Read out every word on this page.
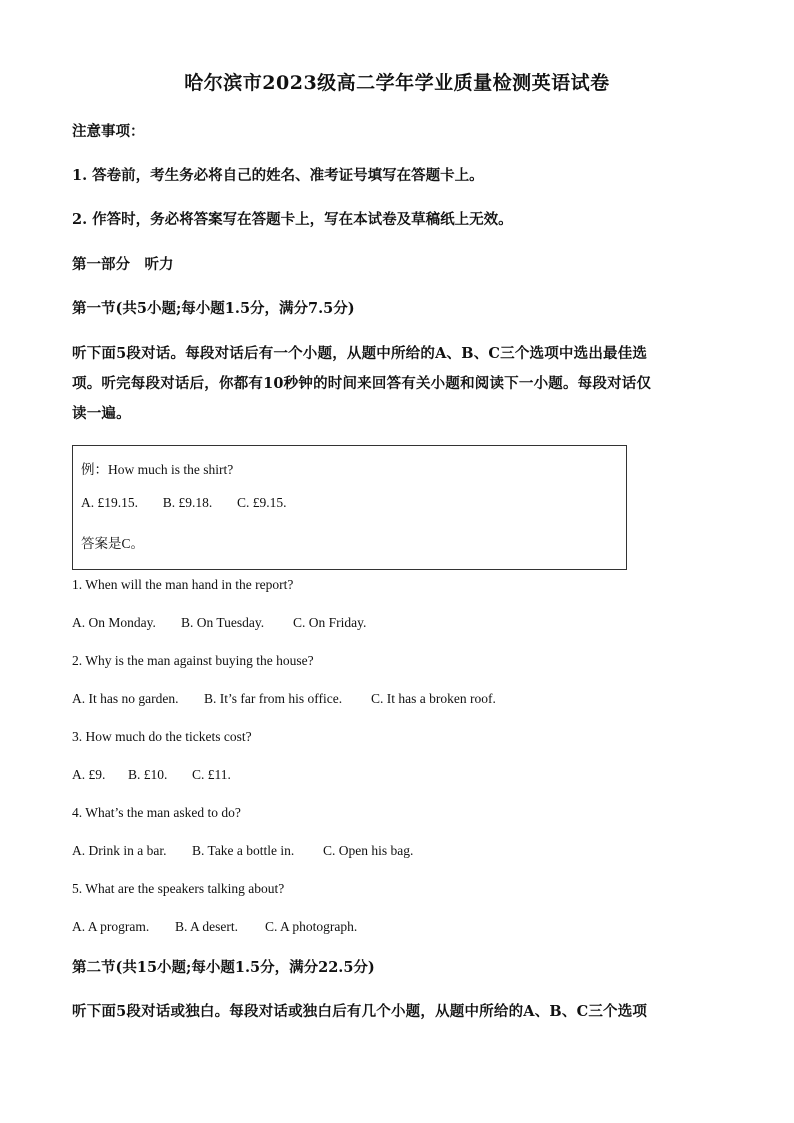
哈尔滨市2023级高二学年学业质量检测英语试卷
注意事项：
1. 答卷前，考生务必将自己的姓名、准考证号填写在答题卡上。
2. 作答时，务必将答案写在答题卡上，写在本试卷及草稿纸上无效。
第一部分　听力
第一节(共5小题;每小题1.5分，满分7.5分)
听下面5段对话。每段对话后有一个小题，从题中所给的A、B、C三个选项中选出最佳选
项。听完每段对话后，你都有10秒钟的时间来回答有关小题和阅读下一小题。每段对话仅
读一遍。
例：How much is the shirt?
A. £19.15. B. £9.18. C. £9.15.
答案是C。
1. When will the man hand in the report?
A. On Monday. B. On Tuesday. C. On Friday.
2. Why is the man against buying the house?
A. It has no garden. B. It’s far from his office. C. It has a broken roof.
3. How much do the tickets cost?
A. £9. B. £10. C. £11.
4. What’s the man asked to do?
A. Drink in a bar. B. Take a bottle in. C. Open his bag.
5. What are the speakers talking about?
A. A program. B. A desert. C. A photograph.
第二节(共15小题;每小题1.5分，满分22.5分)
听下面5段对话或独白。每段对话或独白后有几个小题，从题中所给的A、B、C三个选项
